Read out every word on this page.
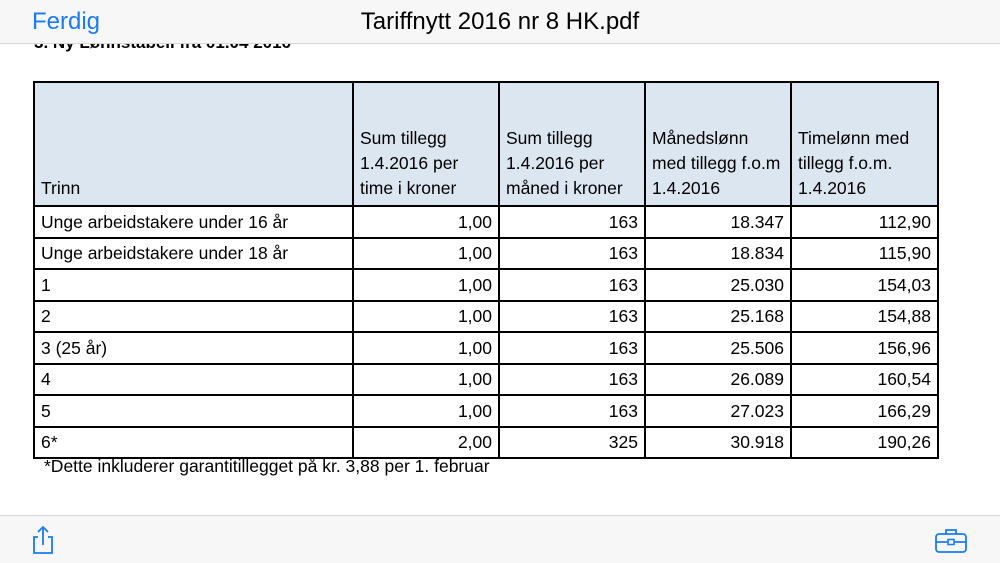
Ferdig	Tariffnytt 2016 nr 8 HK.pdf
Trinn	Sum tillegg 1.4.2016 per time i kroner	Sum tillegg 1.4.2016 per måned i kroner	Månedslønn med tillegg f.o.m 1.4.2016	Timelønn med tillegg f.o.m. 1.4.2016
Unge arbeidstakere under 16 år	1,00	163	18.347	112,90
Unge arbeidstakere under 18 år	1,00	163	18.834	115,90
1	1,00	163	25.030	154,03
2	1,00	163	25.168	154,88
3 (25 år)	1,00	163	25.506	156,96
4	1,00	163	26.089	160,54
5	1,00	163	27.023	166,29
6*	2,00	325	30.918	190,26
*Dette inkluderer garantitillegget på kr. 3,88 per 1. februar
